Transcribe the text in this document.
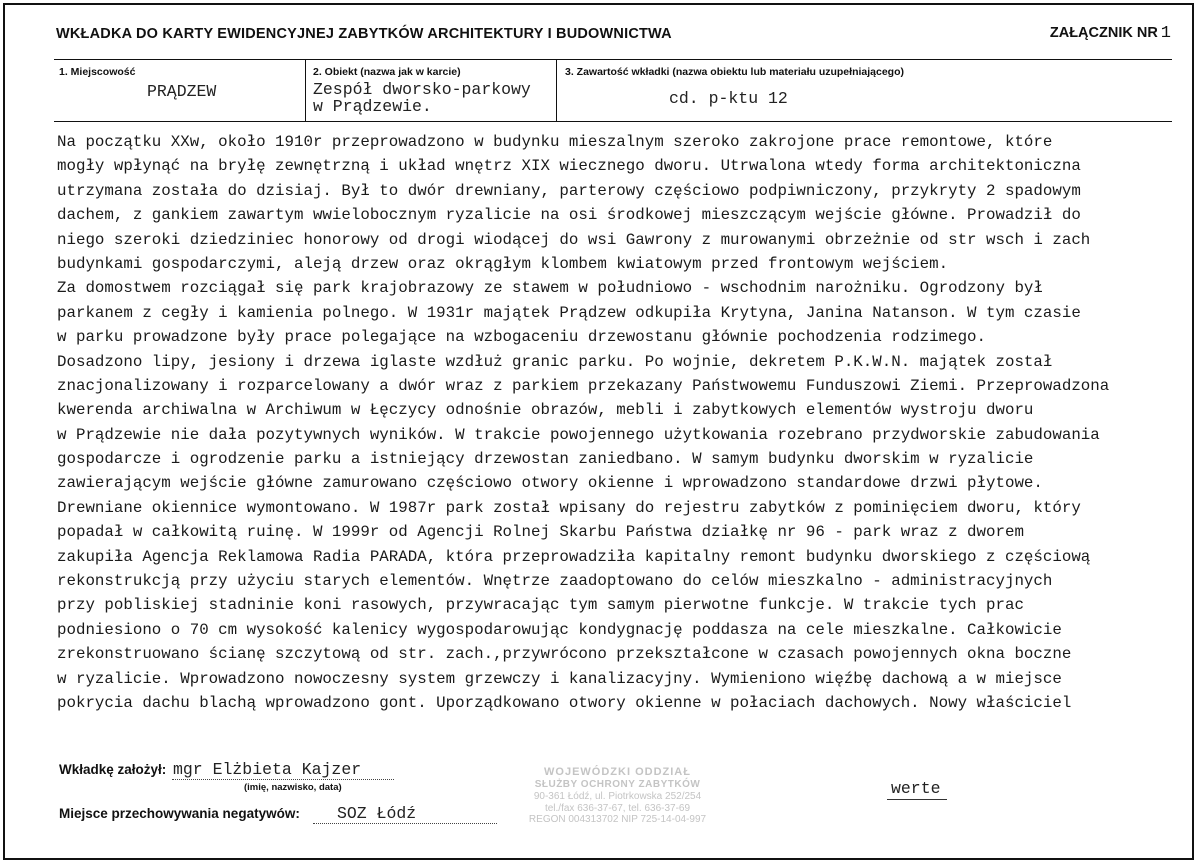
WKŁADKA DO KARTY EWIDENCYJNEJ ZABYTKÓW ARCHITEKTURY I BUDOWNICTWA	ZAŁĄCZNIK NR 1
1. Miejscowość
PRĄDZEW
2. Obiekt (nazwa jak w karcie)
Zespół dworsko-parkowy
w Prądzewie.
3. Zawartość wkładki (nazwa obiektu lub materiału uzupełniającego)
cd. p-ktu 12
Na początku XXw, około 1910r przeprowadzono w budynku mieszalnym szeroko zakrojone prace remontowe, które
mogły wpłynąć na bryłę zewnętrzną i układ wnętrz XIX wiecznego dworu. Utrwalona wtedy forma architektoniczna
utrzymana została do dzisiaj. Był to dwór drewniany, parterowy częściowo podpiwniczony, przykryty 2 spadowym
dachem, z gankiem zawartym wwielobocznym ryzalicie na osi środkowej mieszczącym wejście główne. Prowadził do
niego szeroki dziedziniec honorowy od drogi wiodącej do wsi Gawrony z murowanymi obrzeżnie od str wsch i zach
budynkami gospodarczymi, aleją drzew oraz okrągłym klombem kwiatowym przed frontowym wejściem.
Za domostwem rozciągał się park krajobrazowy ze stawem w południowo - wschodnim narożniku. Ogrodzony był
parkanem z cegły i kamienia polnego. W 1931r majątek Prądzew odkupiła Krytyna, Janina Natanson. W tym czasie
w parku prowadzone były prace polegające na wzbogaceniu drzewostanu głównie pochodzenia rodzimego.
Dosadzono lipy, jesiony i drzewa iglaste wzdłuż granic parku. Po wojnie, dekretem P.K.W.N. majątek został
znacjonalizowany i rozparcelowany a dwór wraz z parkiem przekazany Państwowemu Funduszowi Ziemi. Przeprowadzona
kwerenda archiwalna w Archiwum w Łęczycy odnośnie obrazów, mebli i zabytkowych elementów wystroju dworu
w Prądzewie nie dała pozytywnych wyników. W trakcie powojennego użytkowania rozebrano przydworskie zabudowania
gospodarcze i ogrodzenie parku a istniejący drzewostan zaniedbano. W samym budynku dworskim w ryzalicie
zawierającym wejście główne zamurowano częściowo otwory okienne i wprowadzono standardowe drzwi płytowe.
Drewniane okiennice wymontowano. W 1987r park został wpisany do rejestru zabytków z pominięciem dworu, który
popadał w całkowitą ruinę. W 1999r od Agencji Rolnej Skarbu Państwa działkę nr 96 - park wraz z dworem
zakupiła Agencja Reklamowa Radia PARADA, która przeprowadziła kapitalny remont budynku dworskiego z częściową
rekonstrukcją przy użyciu starych elementów. Wnętrze zaadoptowano do celów mieszkalno - administracyjnych
przy pobliskiej stadninie koni rasowych, przywracając tym samym pierwotne funkcje. W trakcie tych prac
podniesiono o 70 cm wysokość kalenicy wygospodarowując kondygnację poddasza na cele mieszkalne. Całkowicie
zrekonstruowano ścianę szczytową od str. zach.,przywrócono przekształcone w czasach powojennych okna boczne
w ryzalicie. Wprowadzono nowoczesny system grzewczy i kanalizacyjny. Wymieniono więźbę dachową a w miejsce
pokrycia dachu blachą wprowadzono gont. Uporządkowano otwory okienne w połaciach dachowych. Nowy właściciel
Wkładkę założył: mgr Elżbieta Kajzer
(imię, nazwisko, data)
Miejsce przechowywania negatywów: SOZ Łódź
WOJEWÓDZKI ODDZIAŁ
SŁUŻBY OCHRONY ZABYTKÓW
90-361 Łódź, ul. Piotrkowska 252/254
tel./fax 636-37-67, tel. 636-37-69
REGON 004313702 NIP 725-14-04-997
werte
